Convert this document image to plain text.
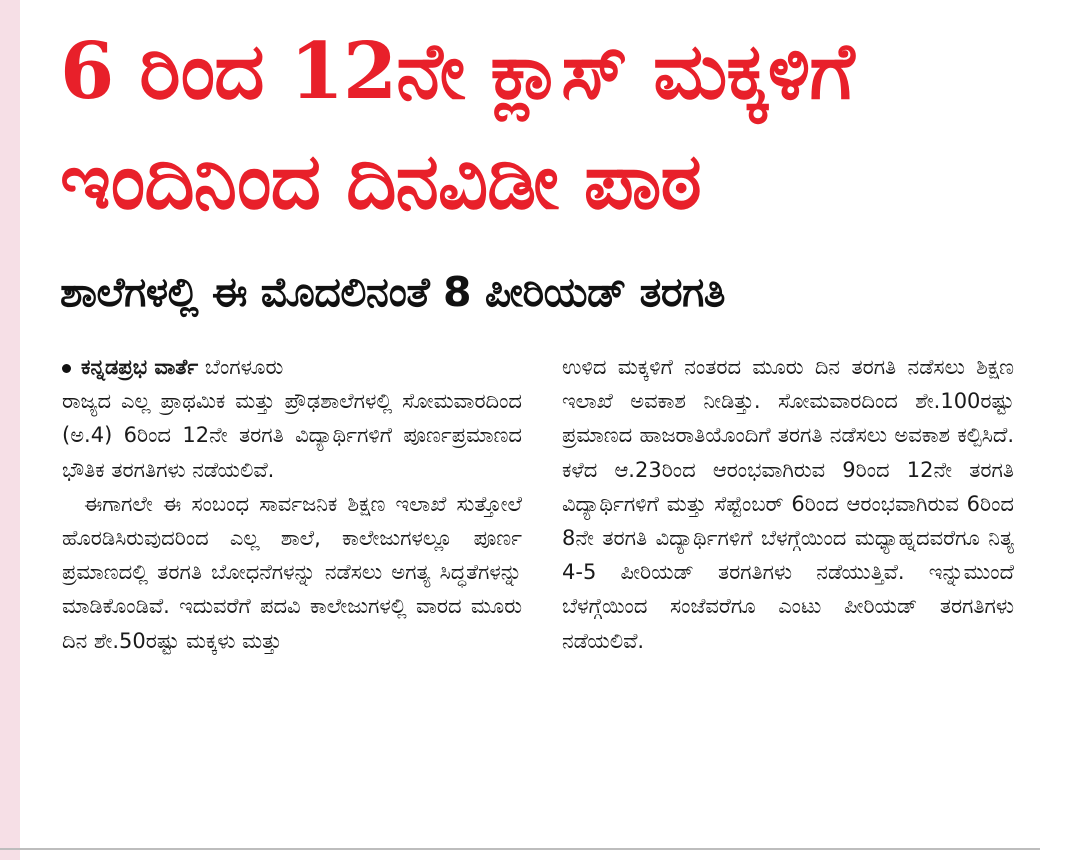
6 ರಿಂದ 12ನೇ ಕ್ಲಾಸ್ ಮಕ್ಕಳಿಗೆ
ಇಂದಿನಿಂದ ದಿನವಿಡೀ ಪಾಠ
ಶಾಲೆಗಳಲ್ಲಿ ಈ ಮೊದಲಿನಂತೆ 8 ಪೀರಿಯಡ್ ತರಗತಿ

ಕನ್ನಡಪ್ರಭ ವಾರ್ತೆ ಬೆಂಗಳೂರು

ರಾಜ್ಯದ ಎಲ್ಲ ಪ್ರಾಥಮಿಕ ಮತ್ತು ಪ್ರೌಢಶಾಲೆಗಳಲ್ಲಿ ಸೋಮವಾರದಿಂದ (ಅ.4) 6ರಿಂದ 12ನೇ ತರಗತಿ ವಿದ್ಯಾರ್ಥಿಗಳಿಗೆ ಪೂರ್ಣಪ್ರಮಾಣದ ಭೌತಿಕ ತರಗತಿಗಳು ನಡೆಯಲಿವೆ.

ಈಗಾಗಲೇ ಈ ಸಂಬಂಧ ಸಾರ್ವಜನಿಕ ಶಿಕ್ಷಣ ಇಲಾಖೆ ಸುತ್ತೋಲೆ ಹೊರಡಿಸಿರುವುದರಿಂದ ಎಲ್ಲ ಶಾಲೆ, ಕಾಲೇಜುಗಳಲ್ಲೂ ಪೂರ್ಣ ಪ್ರಮಾಣದಲ್ಲಿ ತರಗತಿ ಬೋಧನೆಗಳನ್ನು ನಡೆಸಲು ಅಗತ್ಯ ಸಿದ್ಧತೆಗಳನ್ನು ಮಾಡಿಕೊಂಡಿವೆ. ಇದುವರೆಗೆ ಪದವಿ ಕಾಲೇಜುಗಳಲ್ಲಿ ವಾರದ ಮೂರು ದಿನ ಶೇ.50ರಷ್ಟು ಮಕ್ಕಳು ಮತ್ತು

ಉಳಿದ ಮಕ್ಕಳಿಗೆ ನಂತರದ ಮೂರು ದಿನ ತರಗತಿ ನಡೆಸಲು ಶಿಕ್ಷಣ ಇಲಾಖೆ ಅವಕಾಶ ನೀಡಿತ್ತು. ಸೋಮವಾರದಿಂದ ಶೇ.100ರಷ್ಟು ಪ್ರಮಾಣದ ಹಾಜರಾತಿಯೊಂದಿಗೆ ತರಗತಿ ನಡೆಸಲು ಅವಕಾಶ ಕಲ್ಪಿಸಿದೆ. ಕಳೆದ ಆ.23ರಿಂದ ಆರಂಭವಾಗಿರುವ 9ರಿಂದ 12ನೇ ತರಗತಿ ವಿದ್ಯಾರ್ಥಿಗಳಿಗೆ ಮತ್ತು ಸೆಪ್ಟೆಂಬರ್ 6ರಿಂದ ಆರಂಭವಾಗಿರುವ 6ರಿಂದ 8ನೇ ತರಗತಿ ವಿದ್ಯಾರ್ಥಿಗಳಿಗೆ ಬೆಳಗ್ಗೆಯಿಂದ ಮಧ್ಯಾಹ್ನದವರೆಗೂ ನಿತ್ಯ 4-5 ಪೀರಿಯಡ್ ತರಗತಿಗಳು ನಡೆಯುತ್ತಿವೆ. ಇನ್ನುಮುಂದೆ ಬೆಳಗ್ಗೆಯಿಂದ ಸಂಜೆವರೆಗೂ ಎಂಟು ಪೀರಿಯಡ್ ತರಗತಿಗಳು ನಡೆಯಲಿವೆ.
